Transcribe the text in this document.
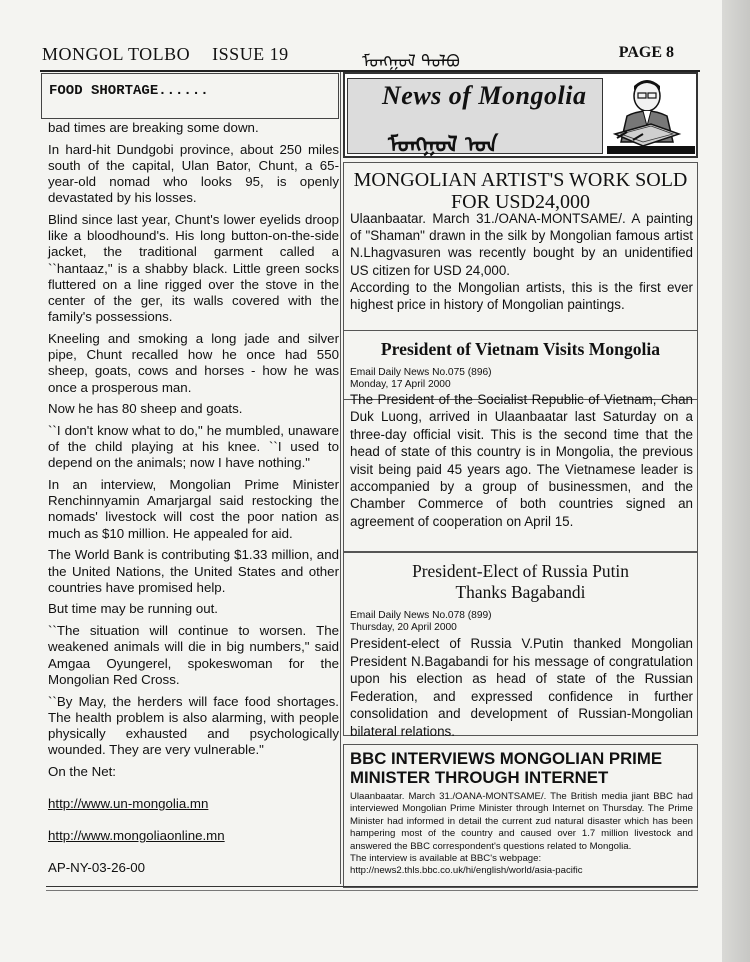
MONGOL TOLBO ISSUE 19	ᠮᠣᠩᠭᠣᠯ ᠲᠣᠯᠪᠣ	PAGE 8
FOOD SHORTAGE......

bad times are breaking some down.

In hard-hit Dundgobi province, about 250 miles south of the capital, Ulan Bator, Chunt, a 65-year-old nomad who looks 95, is openly devastated by his losses.

Blind since last year, Chunt's lower eyelids droop like a bloodhound's. His long button-on-the-side jacket, the traditional garment called a ``hantaaz," is a shabby black. Little green socks fluttered on a line rigged over the stove in the center of the ger, its walls covered with the family's possessions.

Kneeling and smoking a long jade and silver pipe, Chunt recalled how he once had 550 sheep, goats, cows and horses - how he was once a prosperous man.

Now he has 80 sheep and goats.

``I don't know what to do," he mumbled, unaware of the child playing at his knee. ``I used to depend on the animals; now I have nothing."

In an interview, Mongolian Prime Minister Renchinnyamin Amarjargal said restocking the nomads' livestock will cost the poor nation as much as $10 million. He appealed for aid.

The World Bank is contributing $1.33 million, and the United Nations, the United States and other countries have promised help.

But time may be running out.

``The situation will continue to worsen. The weakened animals will die in big numbers," said Amgaa Oyungerel, spokeswoman for the Mongolian Red Cross.

``By May, the herders will face food shortages. The health problem is also alarming, with people physically exhausted and psychologically wounded. They are very vulnerable."

On the Net:

http://www.un-mongolia.mn

http://www.mongoliaonline.mn

AP-NY-03-26-00

News of Mongolia
ᠮᠣᠩᠭᠣᠯ ᠤᠨ
MONGOLIAN ARTIST'S WORK SOLD FOR USD24,000

Ulaanbaatar. March 31./OANA-MONTSAME/. A painting of "Shaman" drawn in the silk by Mongolian famous artist N.Lhagvasuren was recently bought by an unidentified US citizen for USD 24,000.

According to the Mongolian artists, this is the first ever highest price in history of Mongolian paintings.

President of Vietnam Visits Mongolia
Email Daily News No.075 (896)
Monday, 17 April 2000

The President of the Socialist Republic of Vietnam, Chan Duk Luong, arrived in Ulaanbaatar last Saturday on a three-day official visit. This is the second time that the head of state of this country is in Mongolia, the previous visit being paid 45 years ago. The Vietnamese leader is accompanied by a group of businessmen, and the Chamber Commerce of both countries signed an agreement of cooperation on April 15.

President-Elect of Russia Putin
Thanks Bagabandi
Email Daily News No.078 (899)
Thursday, 20 April 2000

President-elect of Russia V.Putin thanked Mongolian President N.Bagabandi for his message of congratulation upon his election as head of state of the Russian Federation, and expressed confidence in further consolidation and development of Russian-Mongolian bilateral relations.

BBC INTERVIEWS MONGOLIAN PRIME MINISTER THROUGH INTERNET

Ulaanbaatar. March 31./OANA-MONTSAME/. The British media jiant BBC had interviewed Mongolian Prime Minister through Internet on Thursday. The Prime Minister had informed in detail the current zud natural disaster which has been hampering most of the country and caused over 1.7 million livestock and answered the BBC correspondent's questions related to Mongolia.

The interview is available at BBC's webpage:

http://news2.thls.bbc.co.uk/hi/english/world/asia-pacific
